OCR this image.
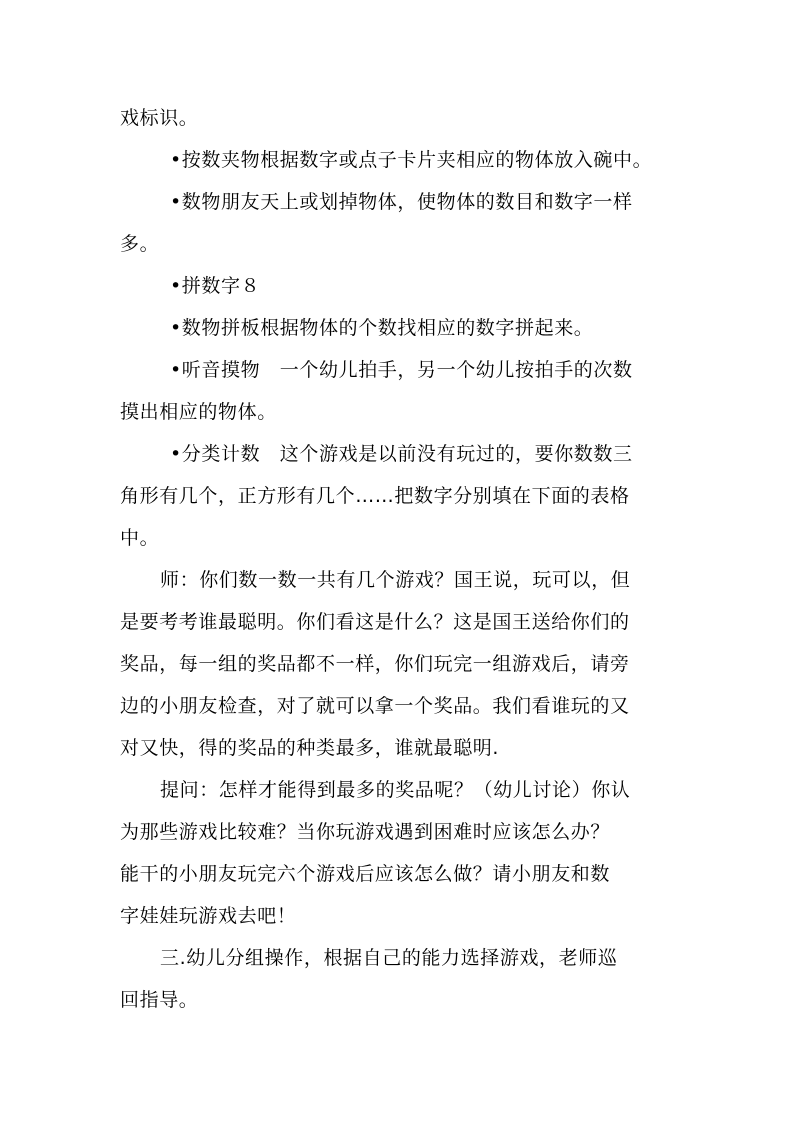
戏标识。
•按数夹物根据数字或点子卡片夹相应的物体放入碗中。
•数物朋友天上或划掉物体，使物体的数目和数字一样
多。
•拼数字８
•数物拼板根据物体的个数找相应的数字拼起来。
•听音摸物　一个幼儿拍手，另一个幼儿按拍手的次数
摸出相应的物体。
•分类计数　这个游戏是以前没有玩过的，要你数数三
角形有几个，正方形有几个……把数字分别填在下面的表格
中。
师：你们数一数一共有几个游戏？国王说，玩可以，但
是要考考谁最聪明。你们看这是什么？这是国王送给你们的
奖品，每一组的奖品都不一样，你们玩完一组游戏后，请旁
边的小朋友检查，对了就可以拿一个奖品。我们看谁玩的又
对又快，得的奖品的种类最多，谁就最聪明.
提问：怎样才能得到最多的奖品呢？（幼儿讨论）你认
为那些游戏比较难？当你玩游戏遇到困难时应该怎么办？
能干的小朋友玩完六个游戏后应该怎么做？请小朋友和数
字娃娃玩游戏去吧！
三.幼儿分组操作，根据自己的能力选择游戏，老师巡
回指导。
